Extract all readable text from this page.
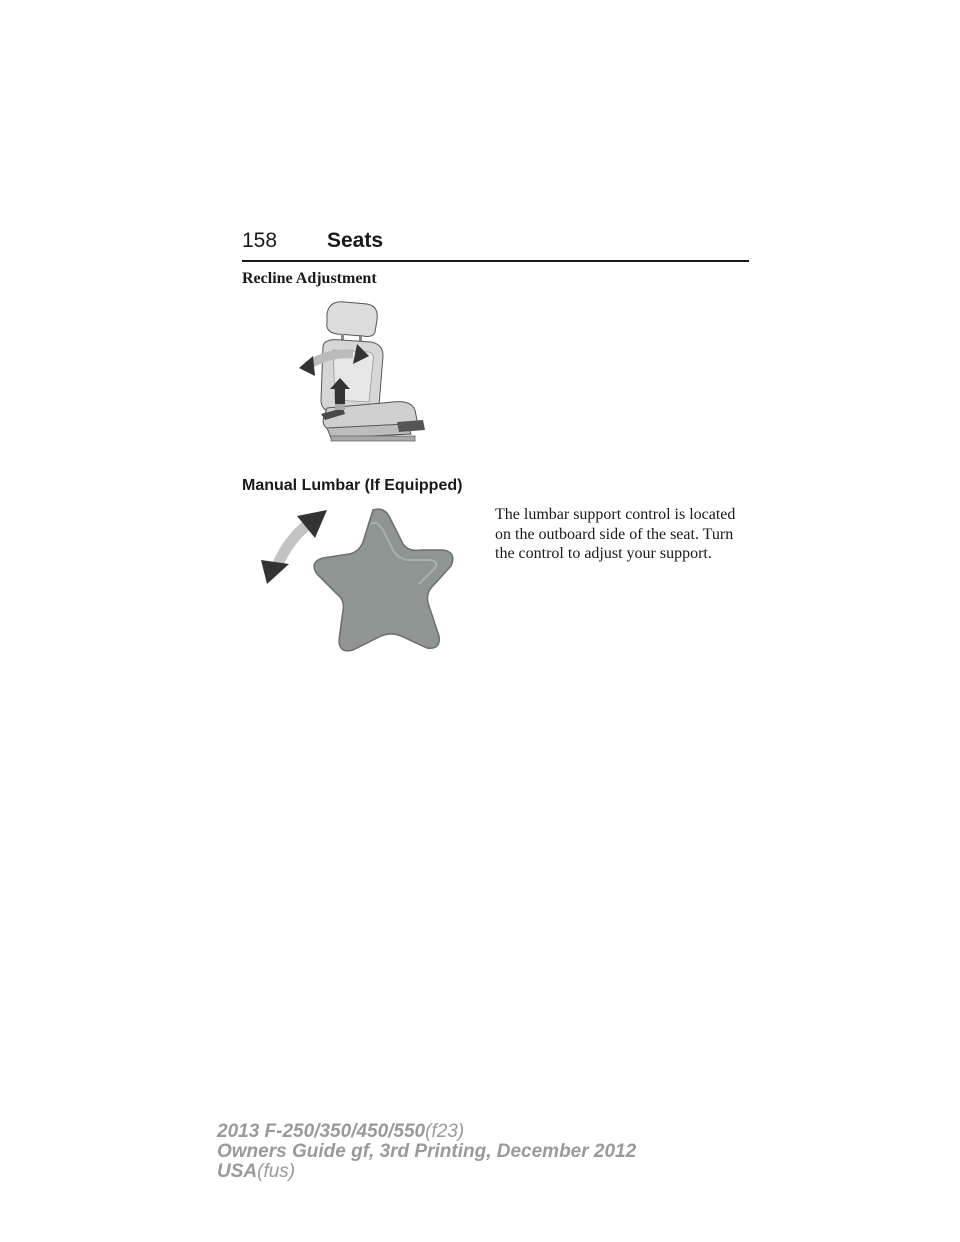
158 Seats
Recline Adjustment
Manual Lumbar (If Equipped)

The lumbar support control is located on the outboard side of the seat. Turn the control to adjust your support.

2013 F-250/350/450/550(f23)
Owners Guide gf, 3rd Printing, December 2012
USA(fus)
